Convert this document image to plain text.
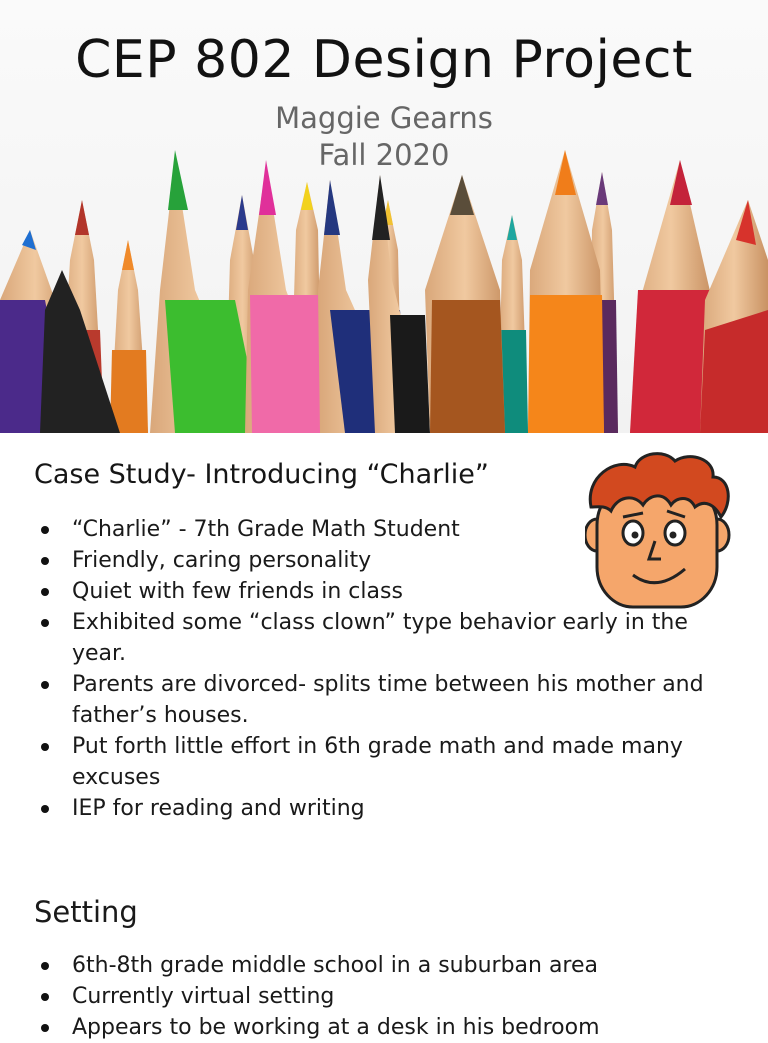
CEP 802 Design Project
Maggie Gearns
Fall 2020
Case Study- Introducing “Charlie”
“Charlie” - 7th Grade Math Student
Friendly, caring personality
Quiet with few friends in class
Exhibited some “class clown” type behavior early in the year.
Parents are divorced- splits time between his mother and father’s houses.
Put forth little effort in 6th grade math and made many excuses
IEP for reading and writing
Setting
6th-8th grade middle school in a suburban area
Currently virtual setting
Appears to be working at a desk in his bedroom
